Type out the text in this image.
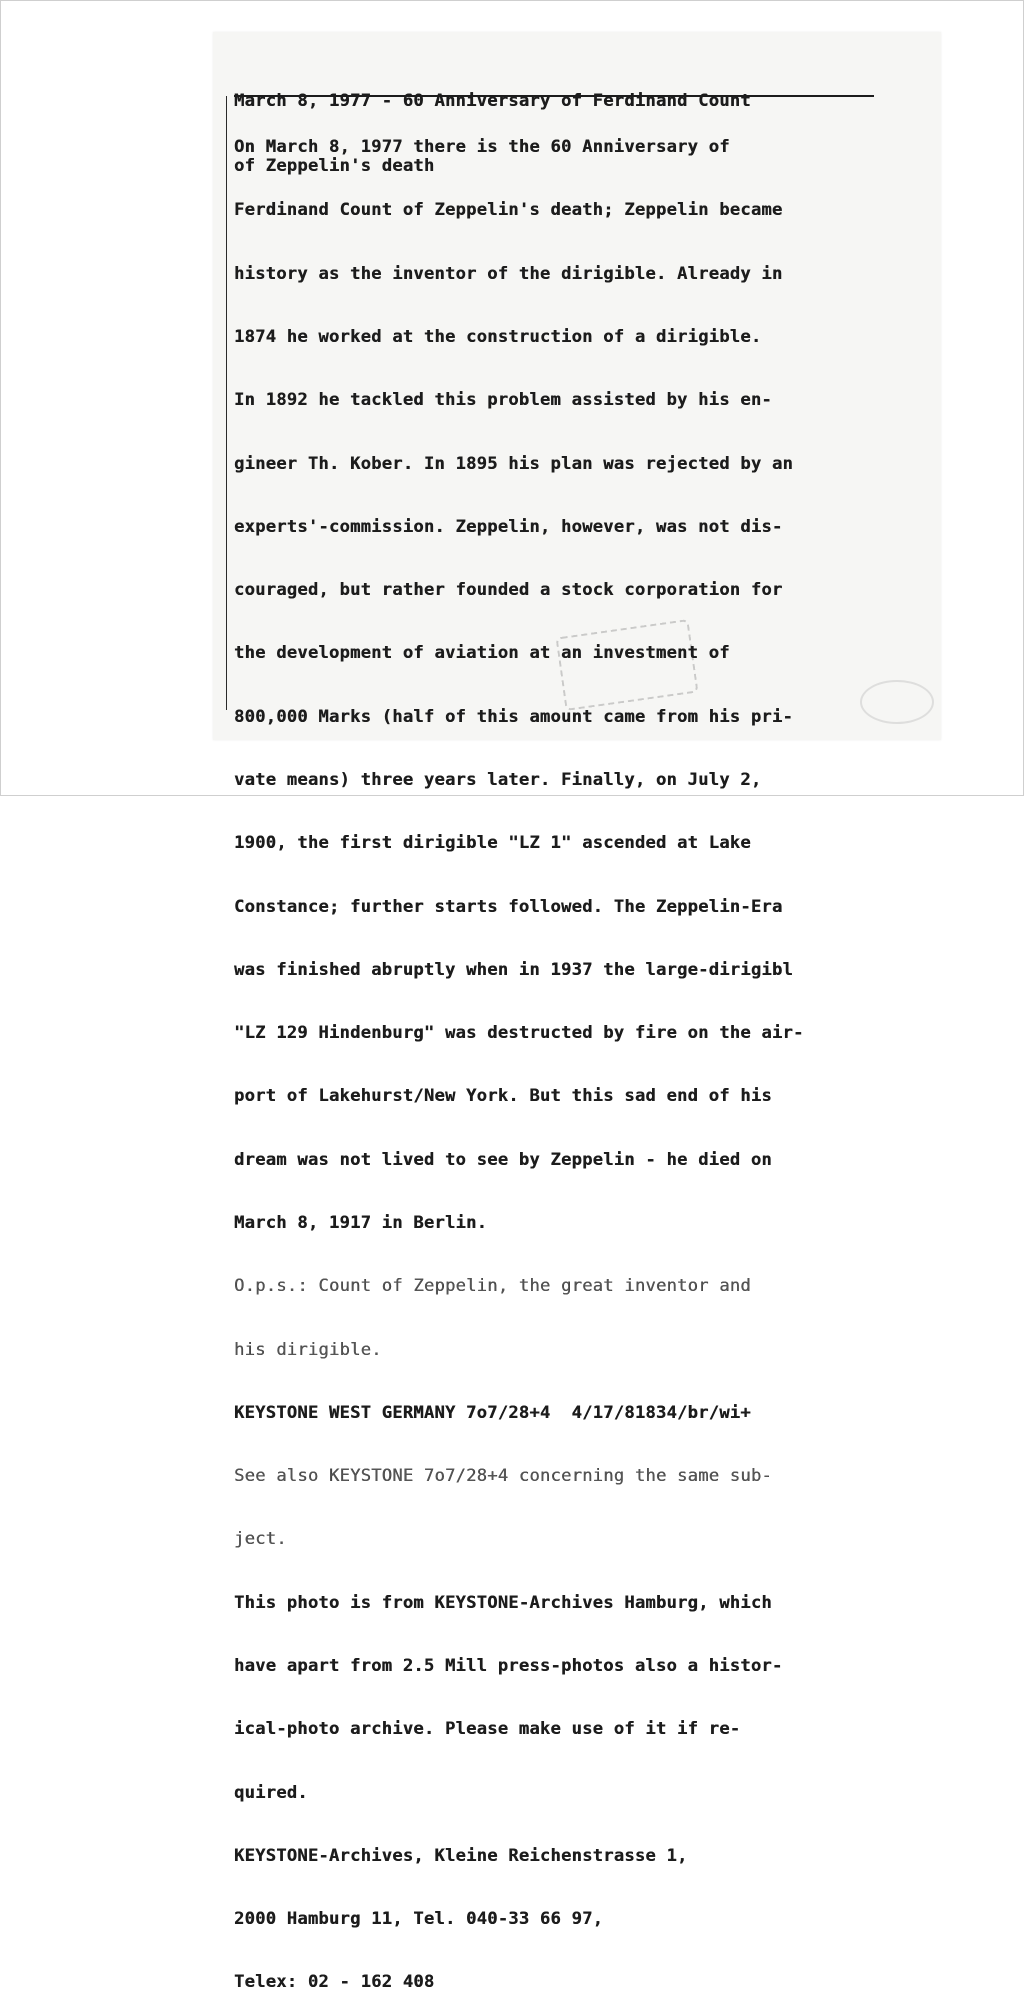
March 8, 1977 - 60 Anniversary of Ferdinand Count

of Zeppelin's death

On March 8, 1977 there is the 60 Anniversary of

Ferdinand Count of Zeppelin's death; Zeppelin became

history as the inventor of the dirigible. Already in

1874 he worked at the construction of a dirigible.

In 1892 he tackled this problem assisted by his en-

gineer Th. Kober. In 1895 his plan was rejected by an

experts'-commission. Zeppelin, however, was not dis-

couraged, but rather founded a stock corporation for

the development of aviation at an investment of

800,000 Marks (half of this amount came from his pri-

vate means) three years later. Finally, on July 2,

1900, the first dirigible "LZ 1" ascended at Lake

Constance; further starts followed. The Zeppelin-Era

was finished abruptly when in 1937 the large-dirigibl

"LZ 129 Hindenburg" was destructed by fire on the air-

port of Lakehurst/New York. But this sad end of his

dream was not lived to see by Zeppelin - he died on

March 8, 1917 in Berlin.

O.p.s.: Count of Zeppelin, the great inventor and

his dirigible.

KEYSTONE WEST GERMANY 7o7/28+4  4/17/81834/br/wi+

See also KEYSTONE 7o7/28+4 concerning the same sub-

ject.

This photo is from KEYSTONE-Archives Hamburg, which

have apart from 2.5 Mill press-photos also a histor-

ical-photo archive. Please make use of it if re-

quired.

KEYSTONE-Archives, Kleine Reichenstrasse 1,

2000 Hamburg 11, Tel. 040-33 66 97,

Telex: 02 - 162 408
